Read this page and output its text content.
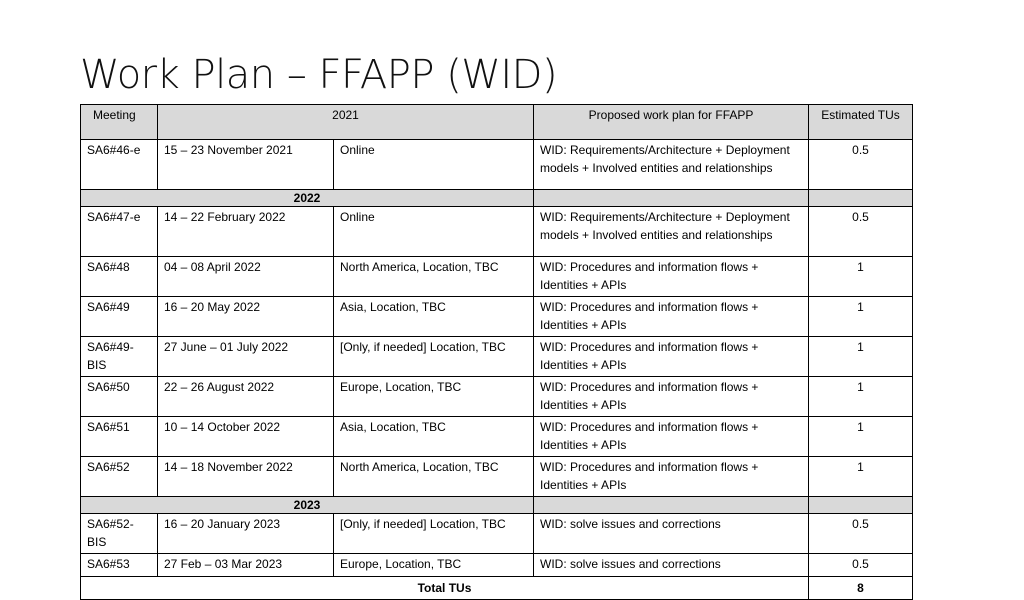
Work Plan – FFAPP (WID)
Meeting	2021		Proposed work plan for FFAPP	Estimated TUs
SA6#46-e	15 – 23 November 2021	Online	WID: Requirements/Architecture + Deployment models + Involved entities and relationships	0.5
2022				
SA6#47-e	14 – 22 February 2022	Online	WID: Requirements/Architecture + Deployment models + Involved entities and relationships	0.5
SA6#48	04 – 08 April 2022	North America, Location, TBC	WID: Procedures and information flows + Identities + APIs	1
SA6#49	16 – 20 May 2022	Asia, Location, TBC	WID: Procedures and information flows + Identities + APIs	1
SA6#49-BIS	27 June – 01 July 2022	[Only, if needed] Location, TBC	WID: Procedures and information flows + Identities + APIs	1
SA6#50	22 – 26 August 2022	Europe, Location, TBC	WID: Procedures and information flows + Identities + APIs	1
SA6#51	10 – 14 October 2022	Asia, Location, TBC	WID: Procedures and information flows + Identities + APIs	1
SA6#52	14 – 18 November 2022	North America, Location, TBC	WID: Procedures and information flows + Identities + APIs	1
2023				
SA6#52-BIS	16 – 20 January 2023	[Only, if needed] Location, TBC	WID: solve issues and corrections	0.5
SA6#53	27 Feb – 03 Mar 2023	Europe, Location, TBC	WID: solve issues and corrections	0.5
Total TUs				8
